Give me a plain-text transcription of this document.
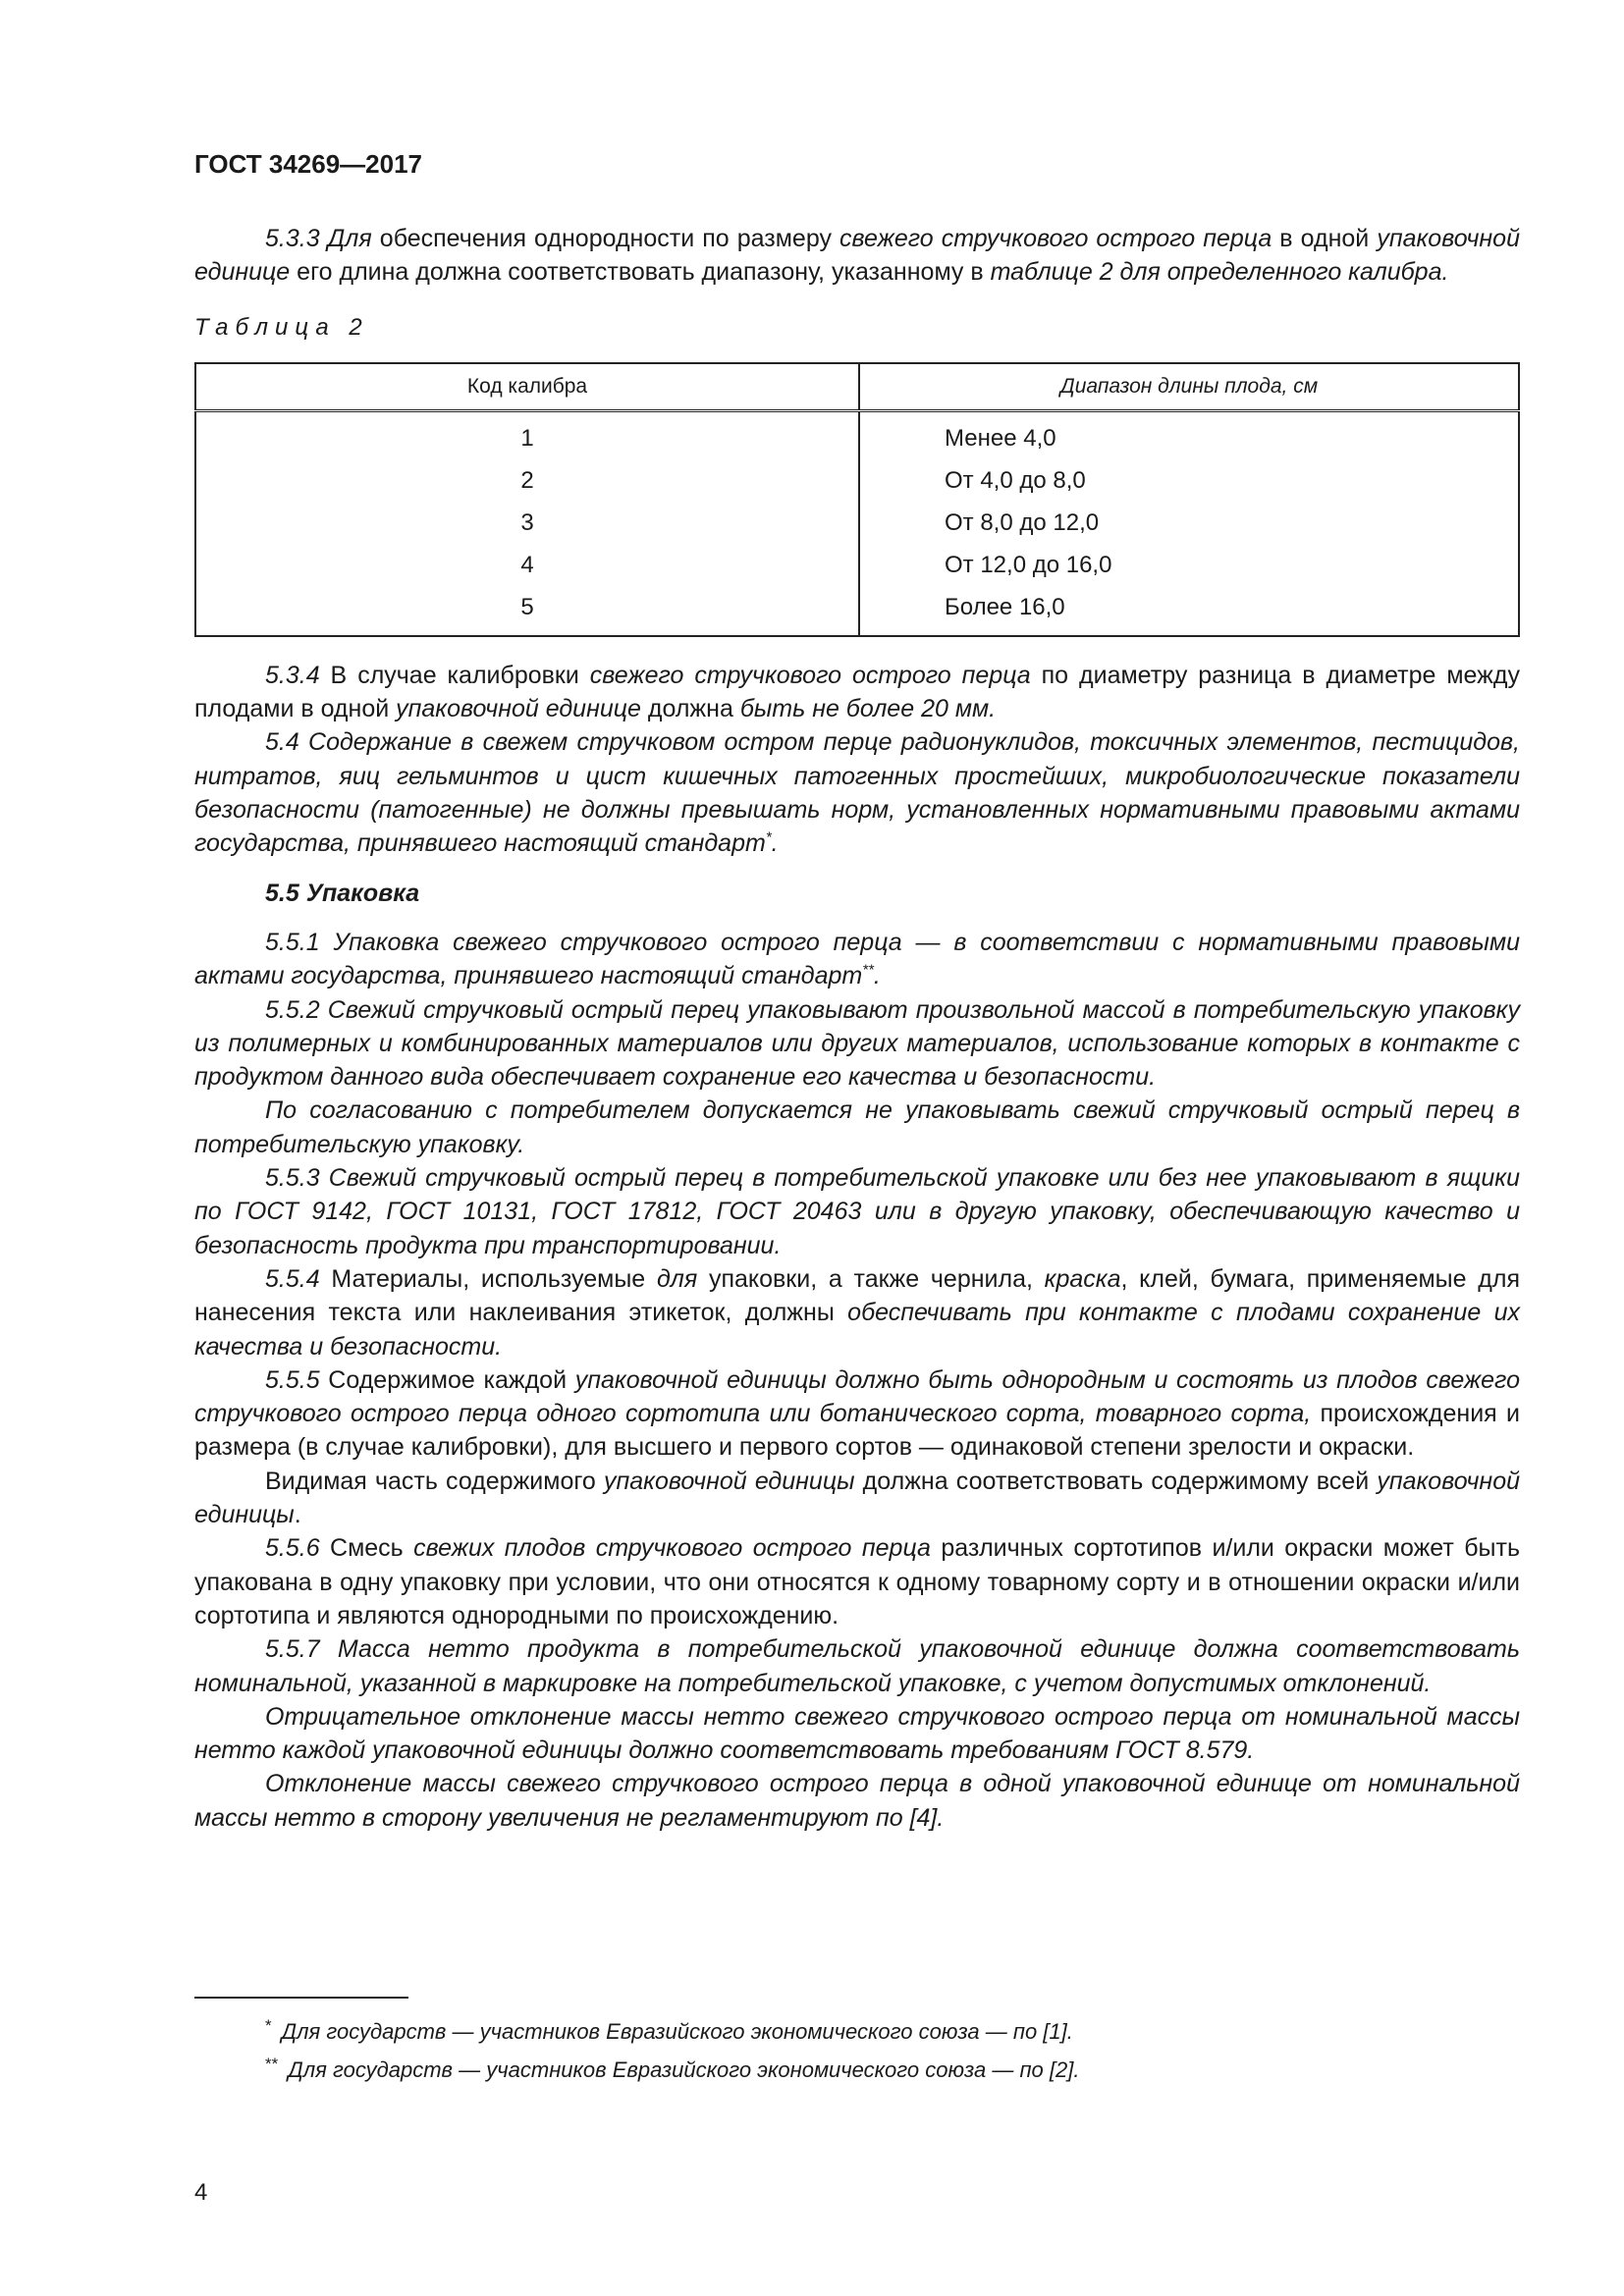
ГОСТ 34269—2017

5.3.3 Для обеспечения однородности по размеру свежего стручкового острого перца в одной упаковочной единице его длина должна соответствовать диапазону, указанному в таблице 2 для определенного калибра.

Таблица 2
Код калибра	Диапазон длины плода, см
1	Менее 4,0
2	От 4,0 до 8,0
3	От 8,0 до 12,0
4	От 12,0 до 16,0
5	Более 16,0

5.3.4 В случае калибровки свежего стручкового острого перца по диаметру разница в диаметре между плодами в одной упаковочной единице должна быть не более 20 мм.

5.4 Содержание в свежем стручковом остром перце радионуклидов, токсичных элементов, пестицидов, нитратов, яиц гельминтов и цист кишечных патогенных простейших, микробиологические показатели безопасности (патогенные) не должны превышать норм, установленных нормативными правовыми актами государства, принявшего настоящий стандарт*.

5.5 Упаковка

5.5.1 Упаковка свежего стручкового острого перца — в соответствии с нормативными правовыми актами государства, принявшего настоящий стандарт**.

5.5.2 Свежий стручковый острый перец упаковывают произвольной массой в потребительскую упаковку из полимерных и комбинированных материалов или других материалов, использование которых в контакте с продуктом данного вида обеспечивает сохранение его качества и безопасности.

По согласованию с потребителем допускается не упаковывать свежий стручковый острый перец в потребительскую упаковку.

5.5.3 Свежий стручковый острый перец в потребительской упаковке или без нее упаковывают в ящики по ГОСТ 9142, ГОСТ 10131, ГОСТ 17812, ГОСТ 20463 или в другую упаковку, обеспечивающую качество и безопасность продукта при транспортировании.

5.5.4 Материалы, используемые для упаковки, а также чернила, краска, клей, бумага, применяемые для нанесения текста или наклеивания этикеток, должны обеспечивать при контакте с плодами сохранение их качества и безопасности.

5.5.5 Содержимое каждой упаковочной единицы должно быть однородным и состоять из плодов свежего стручкового острого перца одного сортотипа или ботанического сорта, товарного сорта, происхождения и размера (в случае калибровки), для высшего и первого сортов — одинаковой степени зрелости и окраски.

Видимая часть содержимого упаковочной единицы должна соответствовать содержимому всей упаковочной единицы.

5.5.6 Смесь свежих плодов стручкового острого перца различных сортотипов и/или окраски может быть упакована в одну упаковку при условии, что они относятся к одному товарному сорту и в отношении окраски и/или сортотипа и являются однородными по происхождению.

5.5.7 Масса нетто продукта в потребительской упаковочной единице должна соответствовать номинальной, указанной в маркировке на потребительской упаковке, с учетом допустимых отклонений.

Отрицательное отклонение массы нетто свежего стручкового острого перца от номинальной массы нетто каждой упаковочной единицы должно соответствовать требованиям ГОСТ 8.579.

Отклонение массы свежего стручкового острого перца в одной упаковочной единице от номинальной массы нетто в сторону увеличения не регламентируют по [4].

* Для государств — участников Евразийского экономического союза — по [1].
** Для государств — участников Евразийского экономического союза — по [2].
4
